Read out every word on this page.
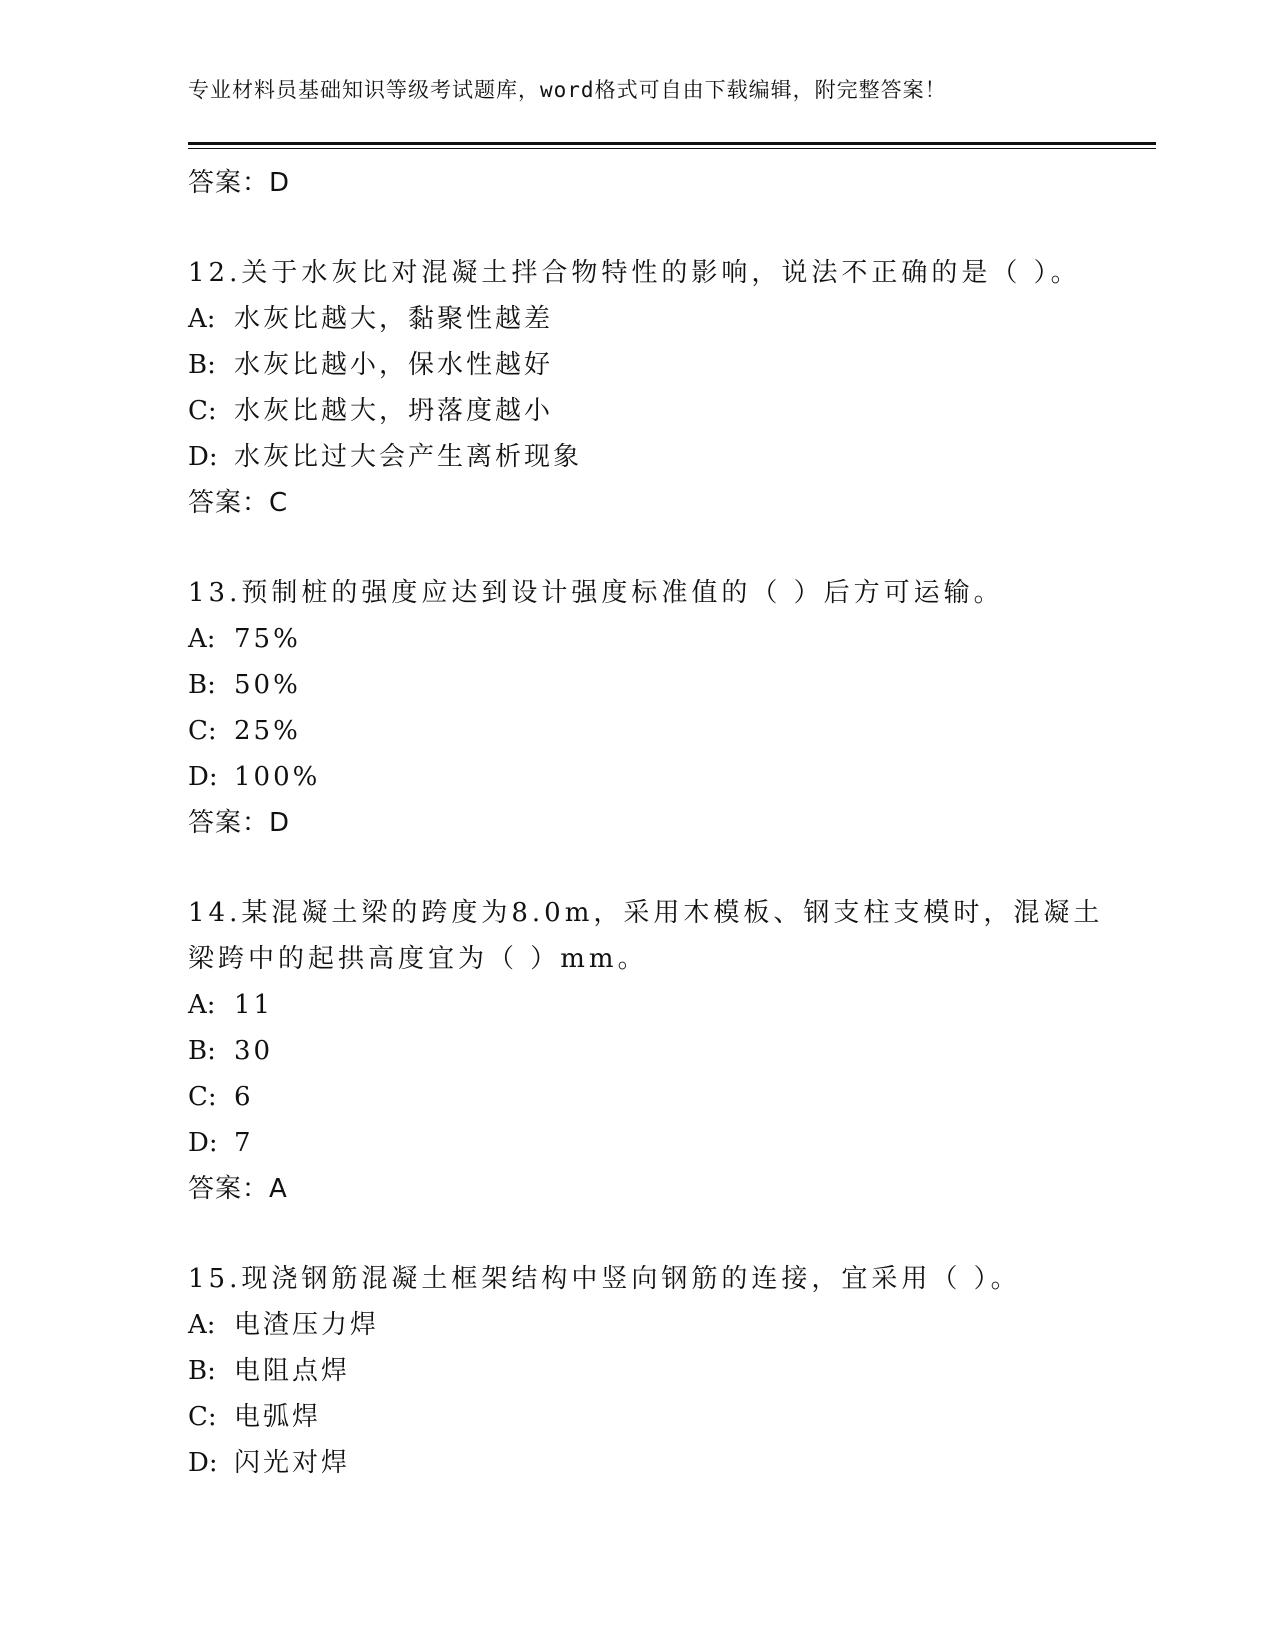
专业材料员基础知识等级考试题库，word格式可自由下载编辑，附完整答案！
答案：D
12.关于水灰比对混凝土拌合物特性的影响，说法不正确的是（ ）。
A: 水灰比越大，黏聚性越差
B: 水灰比越小，保水性越好
C: 水灰比越大，坍落度越小
D: 水灰比过大会产生离析现象
答案：C
13.预制桩的强度应达到设计强度标准值的（ ）后方可运输。
A: 75%
B: 50%
C: 25%
D: 100%
答案：D
14.某混凝土梁的跨度为8.0m，采用木模板、钢支柱支模时，混凝土梁跨中的起拱高度宜为（ ）mm。
A: 11
B: 30
C: 6
D: 7
答案：A
15.现浇钢筋混凝土框架结构中竖向钢筋的连接，宜采用（ ）。
A: 电渣压力焊
B: 电阻点焊
C: 电弧焊
D: 闪光对焊
